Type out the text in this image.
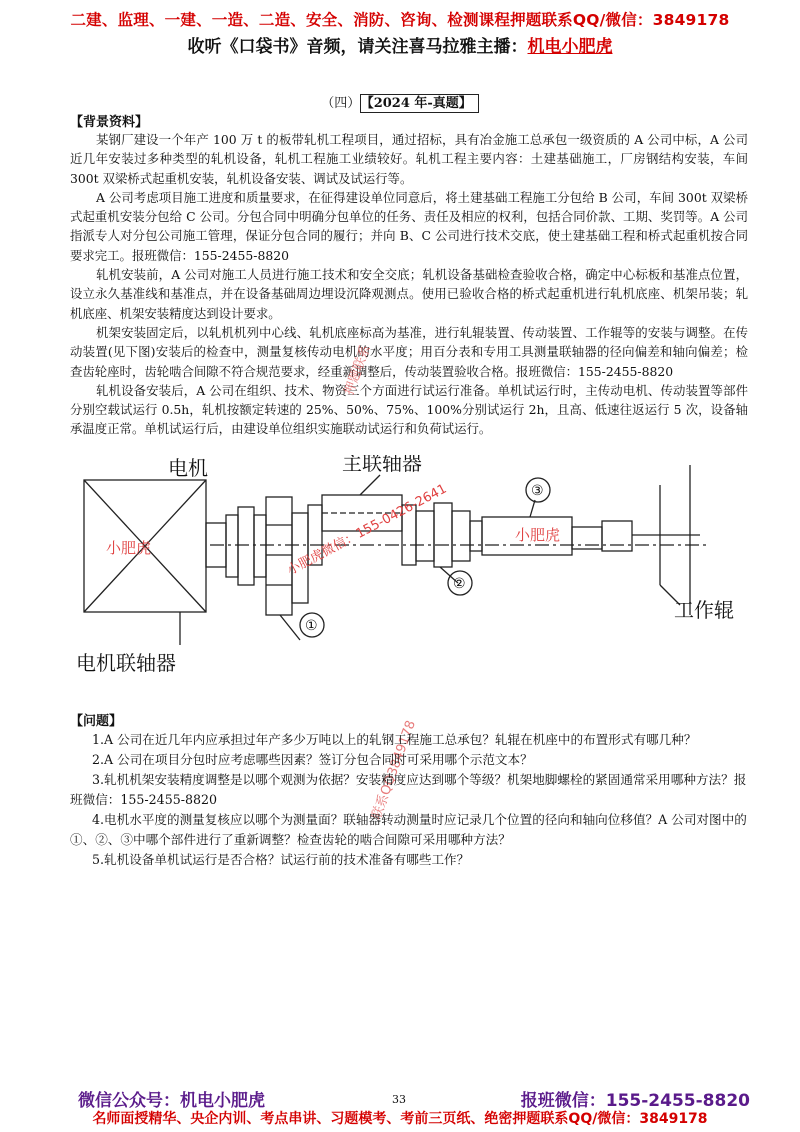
二建、监理、一建、一造、二造、安全、消防、咨询、检测课程押题联系QQ/微信：3849178
收听《口袋书》音频，请关注喜马拉雅主播：机电小肥虎
（四） 【2024 年-真题】
【背景资料】

某钢厂建设一个年产 100 万 t 的板带轧机工程项目，通过招标，具有冶金施工总承包一级资质的 A 公司中标，A 公司近几年安装过多种类型的轧机设备，轧机工程施工业绩较好。轧机工程主要内容：土建基础施工，厂房钢结构安装，车间 300t 双梁桥式起重机安装，轧机设备安装、调试及试运行等。

A 公司考虑项目施工进度和质量要求，在征得建设单位同意后，将土建基础工程施工分包给 B 公司，车间 300t 双梁桥式起重机安装分包给 C 公司。分包合同中明确分包单位的任务、责任及相应的权利，包括合同价款、工期、奖罚等。A 公司指派专人对分包公司施工管理，保证分包合同的履行；并向 B、C 公司进行技术交底，使土建基础工程和桥式起重机按合同要求完工。报班微信：155-2455-8820

轧机安装前，A 公司对施工人员进行施工技术和安全交底；轧机设备基础检查验收合格，确定中心标板和基准点位置，设立永久基准线和基准点，并在设备基础周边埋设沉降观测点。使用已验收合格的桥式起重机进行轧机底座、机架吊装；轧机底座、机架安装精度达到设计要求。

机架安装固定后，以轧机机列中心线、轧机底座标高为基准，进行轧辊装置、传动装置、工作辊等的安装与调整。在传动装置(见下图)安装后的检查中，测量复核传动电机的水平度；用百分表和专用工具测量联轴器的径向偏差和轴向偏差；检查齿轮座时，齿轮啮合间隙不符合规范要求，经重新调整后，传动装置验收合格。报班微信：155-2455-8820

轧机设备安装后，A 公司在组织、技术、物资三个方面进行试运行准备。单机试运行时，主传动电机、传动装置等部件分别空载试运行 0.5h，轧机按额定转速的 25%、50%、75%、100%分别试运行 2h，且高、低速往返运行 5 次，设备轴承温度正常。单机试运行后，由建设单位组织实施联动试运行和负荷试运行。

电机	主联轴器
电机联轴器
工作辊
①
②
③
小肥虎
小肥虎
小肥虎微信：155-0426-2641
押题联系
联系QQ3849178
【问题】

1.A 公司在近几年内应承担过年产多少万吨以上的轧钢工程施工总承包？轧辊在机座中的布置形式有哪几种？

2.A 公司在项目分包时应考虑哪些因素？签订分包合同时可采用哪个示范文本？

3.轧机机架安装精度调整是以哪个观测为依据？安装精度应达到哪个等级？机架地脚螺栓的紧固通常采用哪种方法？报班微信：155-2455-8820

4.电机水平度的测量复核应以哪个为测量面？联轴器转动测量时应记录几个位置的径向和轴向位移值？A 公司对图中的①、②、③中哪个部件进行了重新调整？检查齿轮的啮合间隙可采用哪种方法？

5.轧机设备单机试运行是否合格？试运行前的技术准备有哪些工作？

微信公众号：机电小肥虎	33	报班微信：155-2455-8820
名师面授精华、央企内训、考点串讲、习题模考、考前三页纸、绝密押题联系QQ/微信：3849178
